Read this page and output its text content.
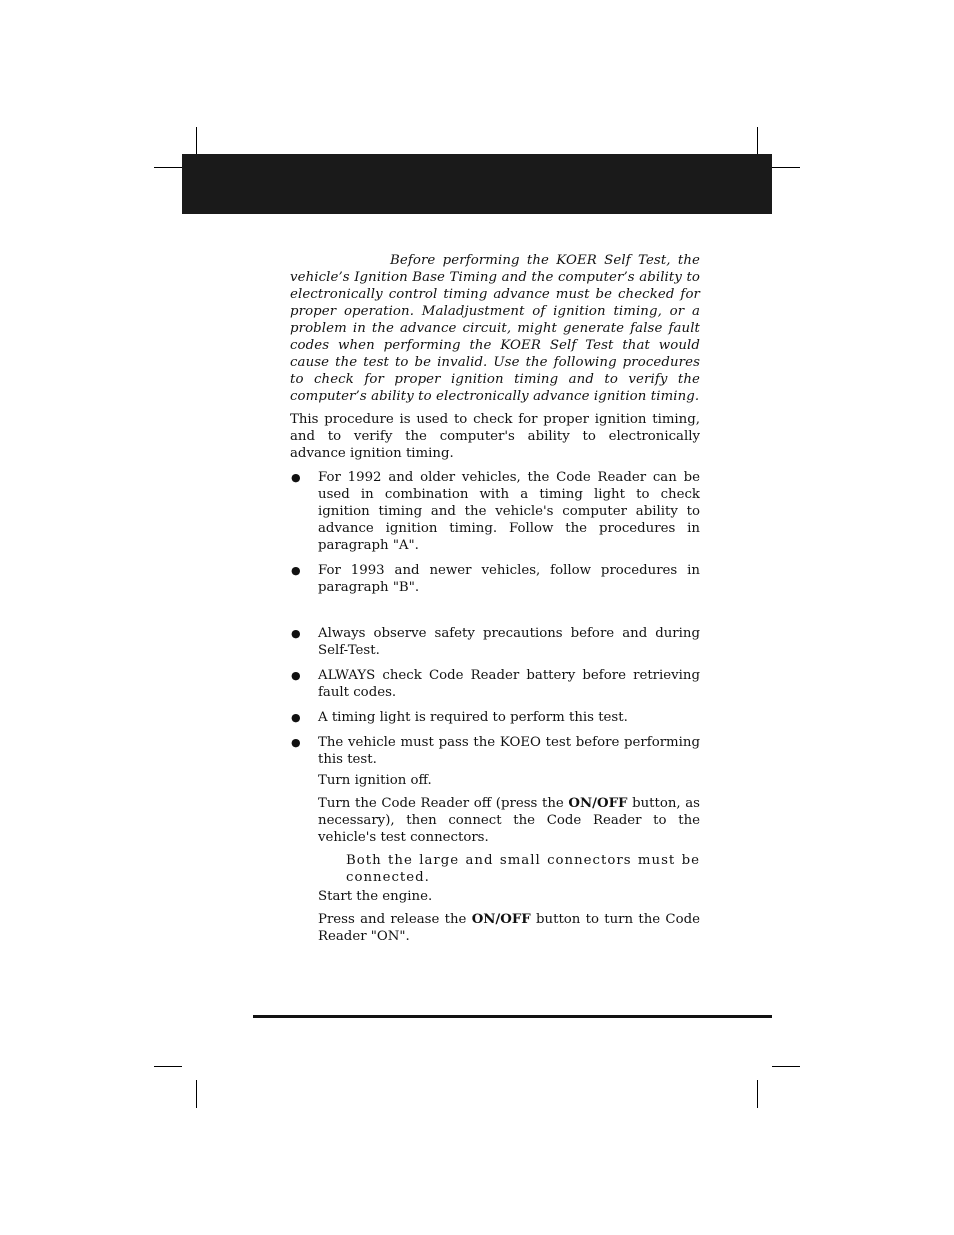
Before performing the KOER Self Test, the vehicle’s Ignition Base Timing and the computer’s ability to electronically control timing advance must be checked for proper operation. Maladjustment of ignition timing, or a problem in the advance circuit, might generate false fault codes when performing the KOER Self Test that would cause the test to be invalid. Use the following procedures to check for proper ignition timing and to verify the computer’s ability to electronically advance ignition timing.

This procedure is used to check for proper ignition timing, and to verify the computer's ability to electronically advance ignition timing.

● For 1992 and older vehicles, the Code Reader can be used in combination with a timing light to check ignition timing and the vehicle's computer ability to advance ignition timing. Follow the procedures in paragraph "A".
● For 1993 and newer vehicles, follow procedures in paragraph "B".
● Always observe safety precautions before and during Self-Test.
● ALWAYS check Code Reader battery before retrieving fault codes.
● A timing light is required to perform this test.
● The vehicle must pass the KOEO test before performing this test.
Turn ignition off.
Turn the Code Reader off (press the ON/OFF button, as necessary), then connect the Code Reader to the vehicle's test connectors.
Both the large and small connectors must be connected.
Start the engine.
Press and release the ON/OFF button to turn the Code Reader "ON".
